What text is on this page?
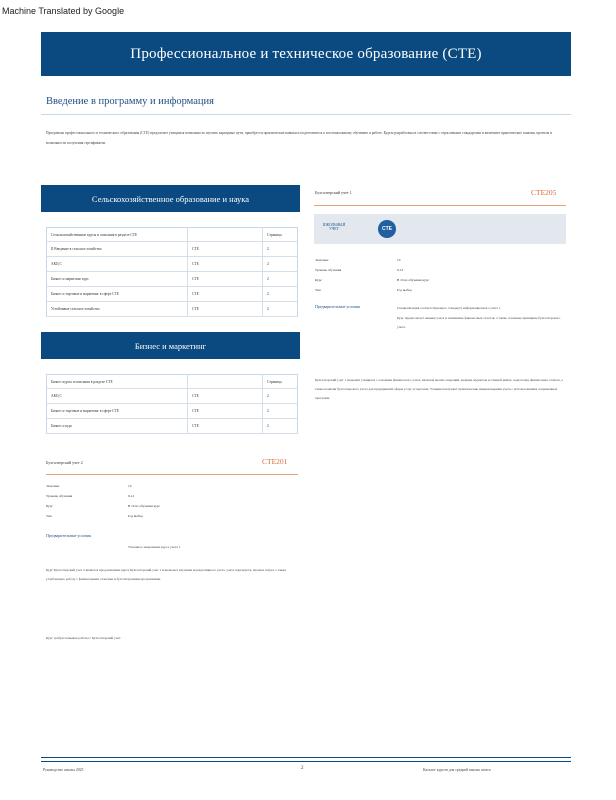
Machine Translated by Google
Профессиональное и техническое образование (CTE)
Введение в программу и информация
Программы профессионального и технического образования (CTE) предлагают учащимся возможность изучить карьерные пути, приобрести практические навыки и подготовиться к послешкольному обучению и работе. Курсы разработаны в соответствии с отраслевыми стандартами и включают практические занятия, проекты и возможности получения сертификатов.
Сельскохозяйственное образование и наука
Сельскохозяйственные курсы и описания в разделе CTE		Страница
II Введение в сельское хозяйство	CTE	2
АКЦ С	CTE	2
Бизнес и маркетинг курс	CTE	2
Бизнес и торговые и маркетинг в сфере CTE	CTE	2
Устойчивые сельское хозяйство	CTE	2
Бизнес и маркетинг
Бизнес курсы и описания в разделе CTE		Страница
АКЦ С	CTE	2
Бизнес и торговые и маркетинг в сфере CTE	CTE	2
Бизнес и курс	CTE	2
Бухгалтерский учет 1	CTE205
ШКОЛЬНЫЙ УЧЕТ	CTE
Зачетные	10
Уровень обучения	9-12
Курс	В 10 из обучения курс
Тип	Год выбор
Предварительные условия	Специализация соответствующего стандарту информационного учета 1
Курс предполагает навыки учета и понимание финансовых отчетов, а также основные принципы бухгалтерского учета.
Бухгалтерский учет 1 знакомит учащихся с основами финансового учета, включая анализ операций, ведение журналов и главной книги, подготовку финансовых отчетов, а также понятия бухгалтерского учета для предприятий сферы услуг и торговли. Учащиеся изучают практические навыки ведения учета с использованием современных программ.
Бухгалтерский учет 2	CTE201
Зачетные	10
Уровень обучения	9-12
Курс	В 10 из обучения курс
Тип	Год выбор
Предварительные условия
Успешное завершение курса учета 1
Курс Бухгалтерский учет 2 является продолжением курса Бухгалтерский учет 1 и включает изучение корпоративного учета, учета партнерств, анализа затрат, а также углубленную работу с финансовыми отчетами и бухгалтерскими программами.
Курс требует навыков работы с Бухгалтерский учет.
Руководство школы 2025	2	Каталог курсов для средней школы штата
